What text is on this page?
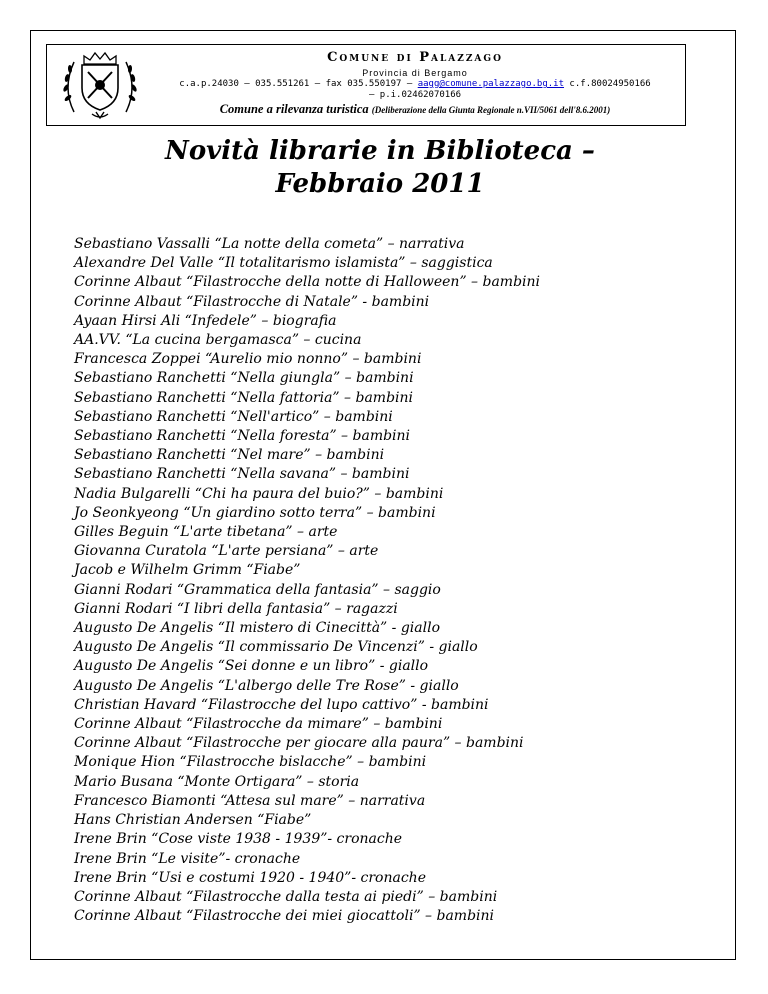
Comune di Palazzago
Provincia di Bergamo
c.a.p.24030 – 035.551261 – fax 035.550197 – aagg@comune.palazzago.bg.it c.f.80024950166
– p.i.02462070166
Comune a rilevanza turistica (Deliberazione della Giunta Regionale n.VII/5061 dell'8.6.2001)
Novità librarie in Biblioteca –
Febbraio 2011
Sebastiano Vassalli “La notte della cometa” – narrativa
Alexandre Del Valle “Il totalitarismo islamista” – saggistica
Corinne Albaut “Filastrocche della notte di Halloween” – bambini
Corinne Albaut “Filastrocche di Natale” - bambini
Ayaan Hirsi Ali “Infedele” – biografia
AA.VV. “La cucina bergamasca” – cucina
Francesca Zoppei “Aurelio mio nonno” – bambini
Sebastiano Ranchetti “Nella giungla” – bambini
Sebastiano Ranchetti “Nella fattoria” – bambini
Sebastiano Ranchetti “Nell'artico” – bambini
Sebastiano Ranchetti “Nella foresta” – bambini
Sebastiano Ranchetti “Nel mare” – bambini
Sebastiano Ranchetti “Nella savana” – bambini
Nadia Bulgarelli “Chi ha paura del buio?” – bambini
Jo Seonkyeong “Un giardino sotto terra” – bambini
Gilles Beguin “L'arte tibetana” – arte
Giovanna Curatola “L'arte persiana” – arte
Jacob e Wilhelm Grimm “Fiabe”
Gianni Rodari “Grammatica della fantasia” – saggio
Gianni Rodari “I libri della fantasia” – ragazzi
Augusto De Angelis “Il mistero di Cinecittà” - giallo
Augusto De Angelis “Il commissario De Vincenzi” - giallo
Augusto De Angelis “Sei donne e un libro” - giallo
Augusto De Angelis “L'albergo delle Tre Rose” - giallo
Christian Havard “Filastrocche del lupo cattivo” - bambini
Corinne Albaut “Filastrocche da mimare” – bambini
Corinne Albaut “Filastrocche per giocare alla paura” – bambini
Monique Hion “Filastrocche bislacche” – bambini
Mario Busana “Monte Ortigara” – storia
Francesco Biamonti “Attesa sul mare” – narrativa
Hans Christian Andersen “Fiabe”
Irene Brin “Cose viste 1938 - 1939”- cronache
Irene Brin “Le visite”- cronache
Irene Brin “Usi e costumi 1920 - 1940”- cronache
Corinne Albaut “Filastrocche dalla testa ai piedi” – bambini
Corinne Albaut “Filastrocche dei miei giocattoli” – bambini
